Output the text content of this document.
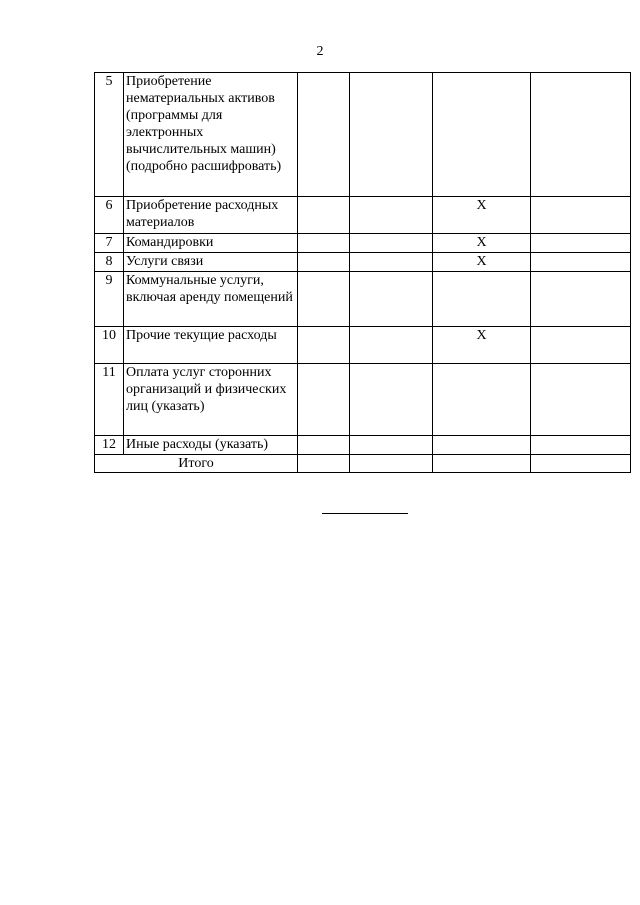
2
5	Приобретение нематериальных активов (программы для электронных вычислительных машин) (подробно расшифровать)				
6	Приобретение расходных материалов			Х	
7	Командировки			Х	
8	Услуги связи			Х	
9	Коммунальные услуги, включая аренду помещений				
10	Прочие текущие расходы			Х	
11	Оплата услуг сторонних организаций и физических лиц (указать)				
12	Иные расходы (указать)				
Итого					
